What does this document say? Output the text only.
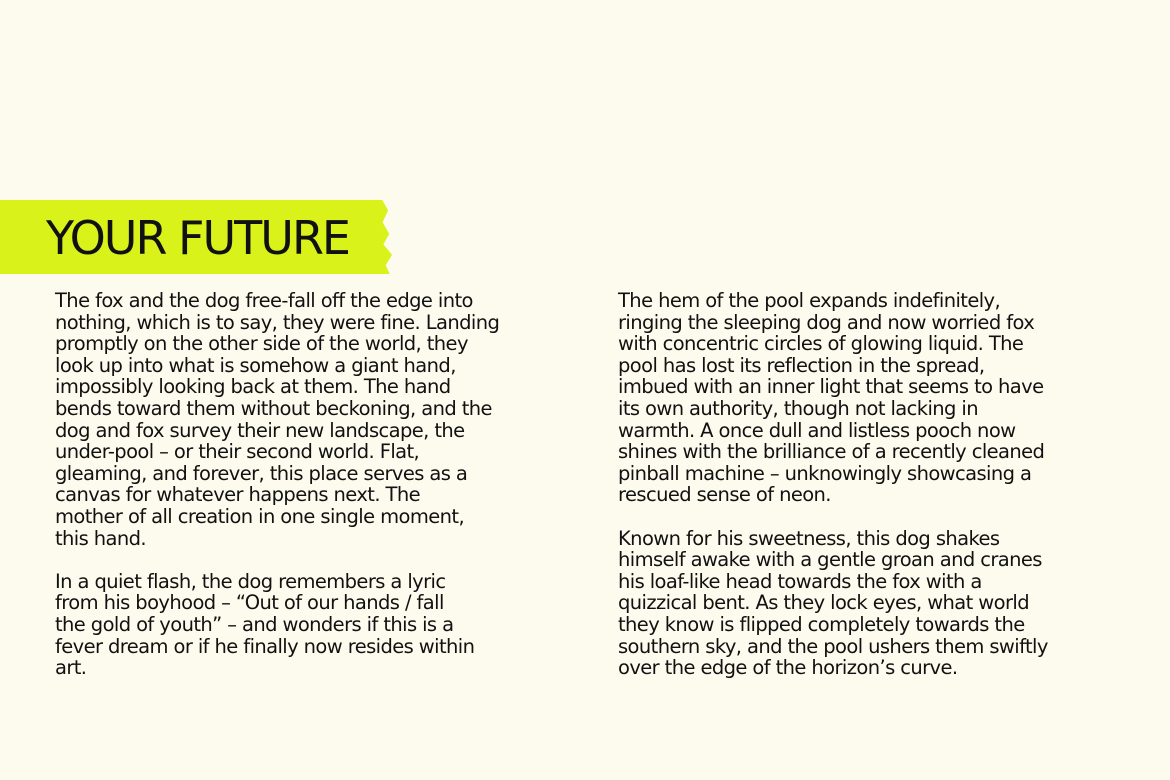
YOUR FUTURE

The fox and the dog free-fall off the edge into
nothing, which is to say, they were fine. Landing
promptly on the other side of the world, they
look up into what is somehow a giant hand,
impossibly looking back at them. The hand
bends toward them without beckoning, and the
dog and fox survey their new landscape, the
under-pool – or their second world. Flat,
gleaming, and forever, this place serves as a
canvas for whatever happens next. The
mother of all creation in one single moment,
this hand.

In a quiet flash, the dog remembers a lyric
from his boyhood – “Out of our hands / fall
the gold of youth” – and wonders if this is a
fever dream or if he finally now resides within
art.

The hem of the pool expands indefinitely,
ringing the sleeping dog and now worried fox
with concentric circles of glowing liquid. The
pool has lost its reflection in the spread,
imbued with an inner light that seems to have
its own authority, though not lacking in
warmth. A once dull and listless pooch now
shines with the brilliance of a recently cleaned
pinball machine – unknowingly showcasing a
rescued sense of neon.

Known for his sweetness, this dog shakes
himself awake with a gentle groan and cranes
his loaf-like head towards the fox with a
quizzical bent. As they lock eyes, what world
they know is flipped completely towards the
southern sky, and the pool ushers them swiftly
over the edge of the horizon’s curve.
